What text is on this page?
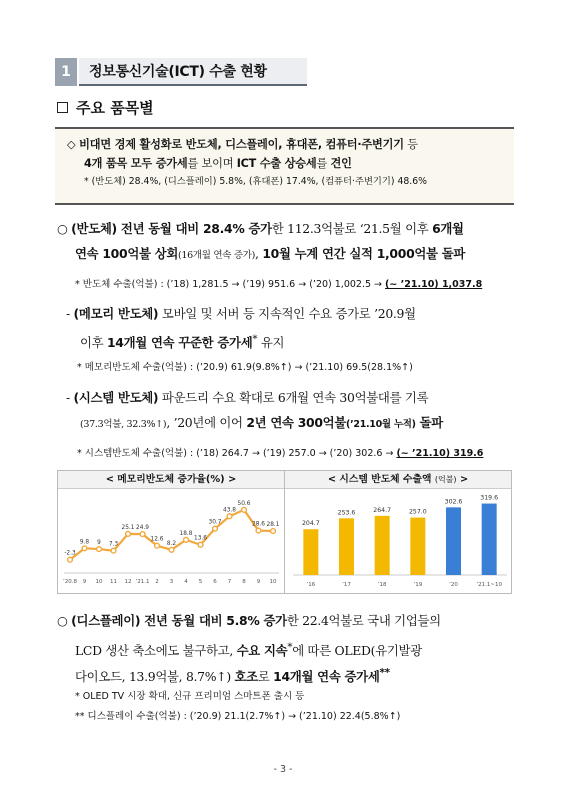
1	정보통신기술(ICT) 수출 현황
주요 품목별
◇ 비대면 경제 활성화로 반도체, 디스플레이, 휴대폰, 컴퓨터·주변기기 등
4개 품목 모두 증가세를 보이며 ICT 수출 상승세를 견인
* (반도체) 28.4%, (디스플레이) 5.8%, (휴대폰) 17.4%, (컴퓨터·주변기기) 48.6%
○ (반도체) 전년 동월 대비 28.4% 증가한 112.3억불로 ‘21.5월 이후 6개월
연속 100억불 상회(16개월 연속 증가), 10월 누계 연간 실적 1,000억불 돌파
* 반도체 수출(억불) : (’18) 1,281.5 → (’19) 951.6 → (’20) 1,002.5 → (~ ’21.10) 1,037.8
- (메모리 반도체) 모바일 및 서버 등 지속적인 수요 증가로 ’20.9월
이후 14개월 연속 꾸준한 증가세* 유지
* 메모리반도체 수출(억불) : (’20.9) 61.9(9.8%↑) → (’21.10) 69.5(28.1%↑)
- (시스템 반도체) 파운드리 수요 확대로 6개월 연속 30억불대를 기록
(37.3억불, 32.3%↑), ’20년에 이어 2년 연속 300억불(’21.10월 누적) 돌파
* 시스템반도체 수출(억불) : (’18) 264.7 → (’19) 257.0 → (’20) 302.6 → (~ ’21.10) 319.6
< 메모리반도체 증가율(%) >
-2.3
9.8 9 7.3
25.1 24.9
12.6
8.2
18.8
13.6
30.7
43.8
50.6
28.6 28.1
’20.8 9 10 11 12 ’21.1 2 3 4 5 6 7 8 9 10
< 시스템 반도체 수출액 (억불) >
204.7
’16
253.6
’17
264.7
’18
257.0
’19
302.6
’20
319.6
’21.1~10
○ (디스플레이) 전년 동월 대비 5.8% 증가한 22.4억불로 국내 기업들의
LCD 생산 축소에도 불구하고, 수요 지속*에 따른 OLED(유기발광
다이오드, 13.9억불, 8.7%↑) 호조로 14개월 연속 증가세**
* OLED TV 시장 확대, 신규 프리미엄 스마트폰 출시 등
** 디스플레이 수출(억불) : (’20.9) 21.1(2.7%↑) → (’21.10) 22.4(5.8%↑)
- 3 -
